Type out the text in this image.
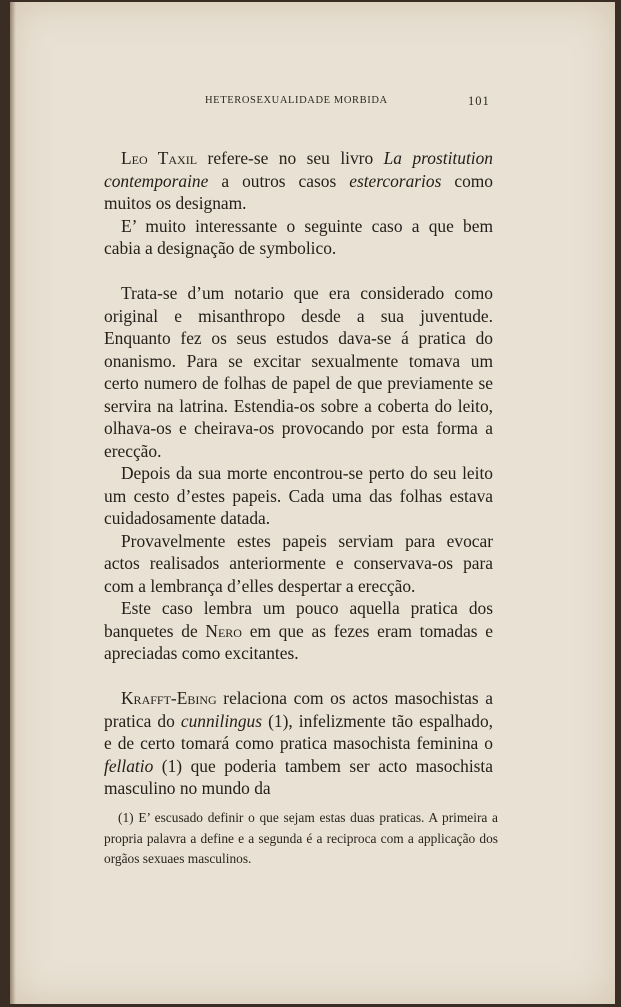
HETEROSEXUALIDADE MORBIDA	101

Leo Taxil refere-se no seu livro La prostitution contemporaine a outros casos estercorarios como muitos os designam.

E’ muito interessante o seguinte caso a que bem cabia a designação de symbolico.

Trata-se d’um notario que era considerado como original e misanthropo desde a sua juventude. Enquanto fez os seus estudos dava-se á pratica do onanismo. Para se excitar sexualmente tomava um certo numero de folhas de papel de que previamente se servira na latrina. Estendia-os sobre a coberta do leito, olhava-os e cheirava-os provocando por esta forma a erecção.

Depois da sua morte encontrou-se perto do seu leito um cesto d’estes papeis. Cada uma das folhas estava cuidadosamente datada.

Provavelmente estes papeis serviam para evocar actos realisados anteriormente e conservava-os para com a lembrança d’elles despertar a erecção.

Este caso lembra um pouco aquella pratica dos banquetes de Nero em que as fezes eram tomadas e apreciadas como excitantes.

Krafft-Ebing relaciona com os actos masochistas a pratica do cunnilingus (1), infelizmente tão espalhado, e de certo tomará como pratica masochista feminina o fellatio (1) que poderia tambem ser acto masochista masculino no mundo da

(1) E’ escusado definir o que sejam estas duas praticas. A primeira a propria palavra a define e a segunda é a reciproca com a applicação dos orgãos sexuaes masculinos.
